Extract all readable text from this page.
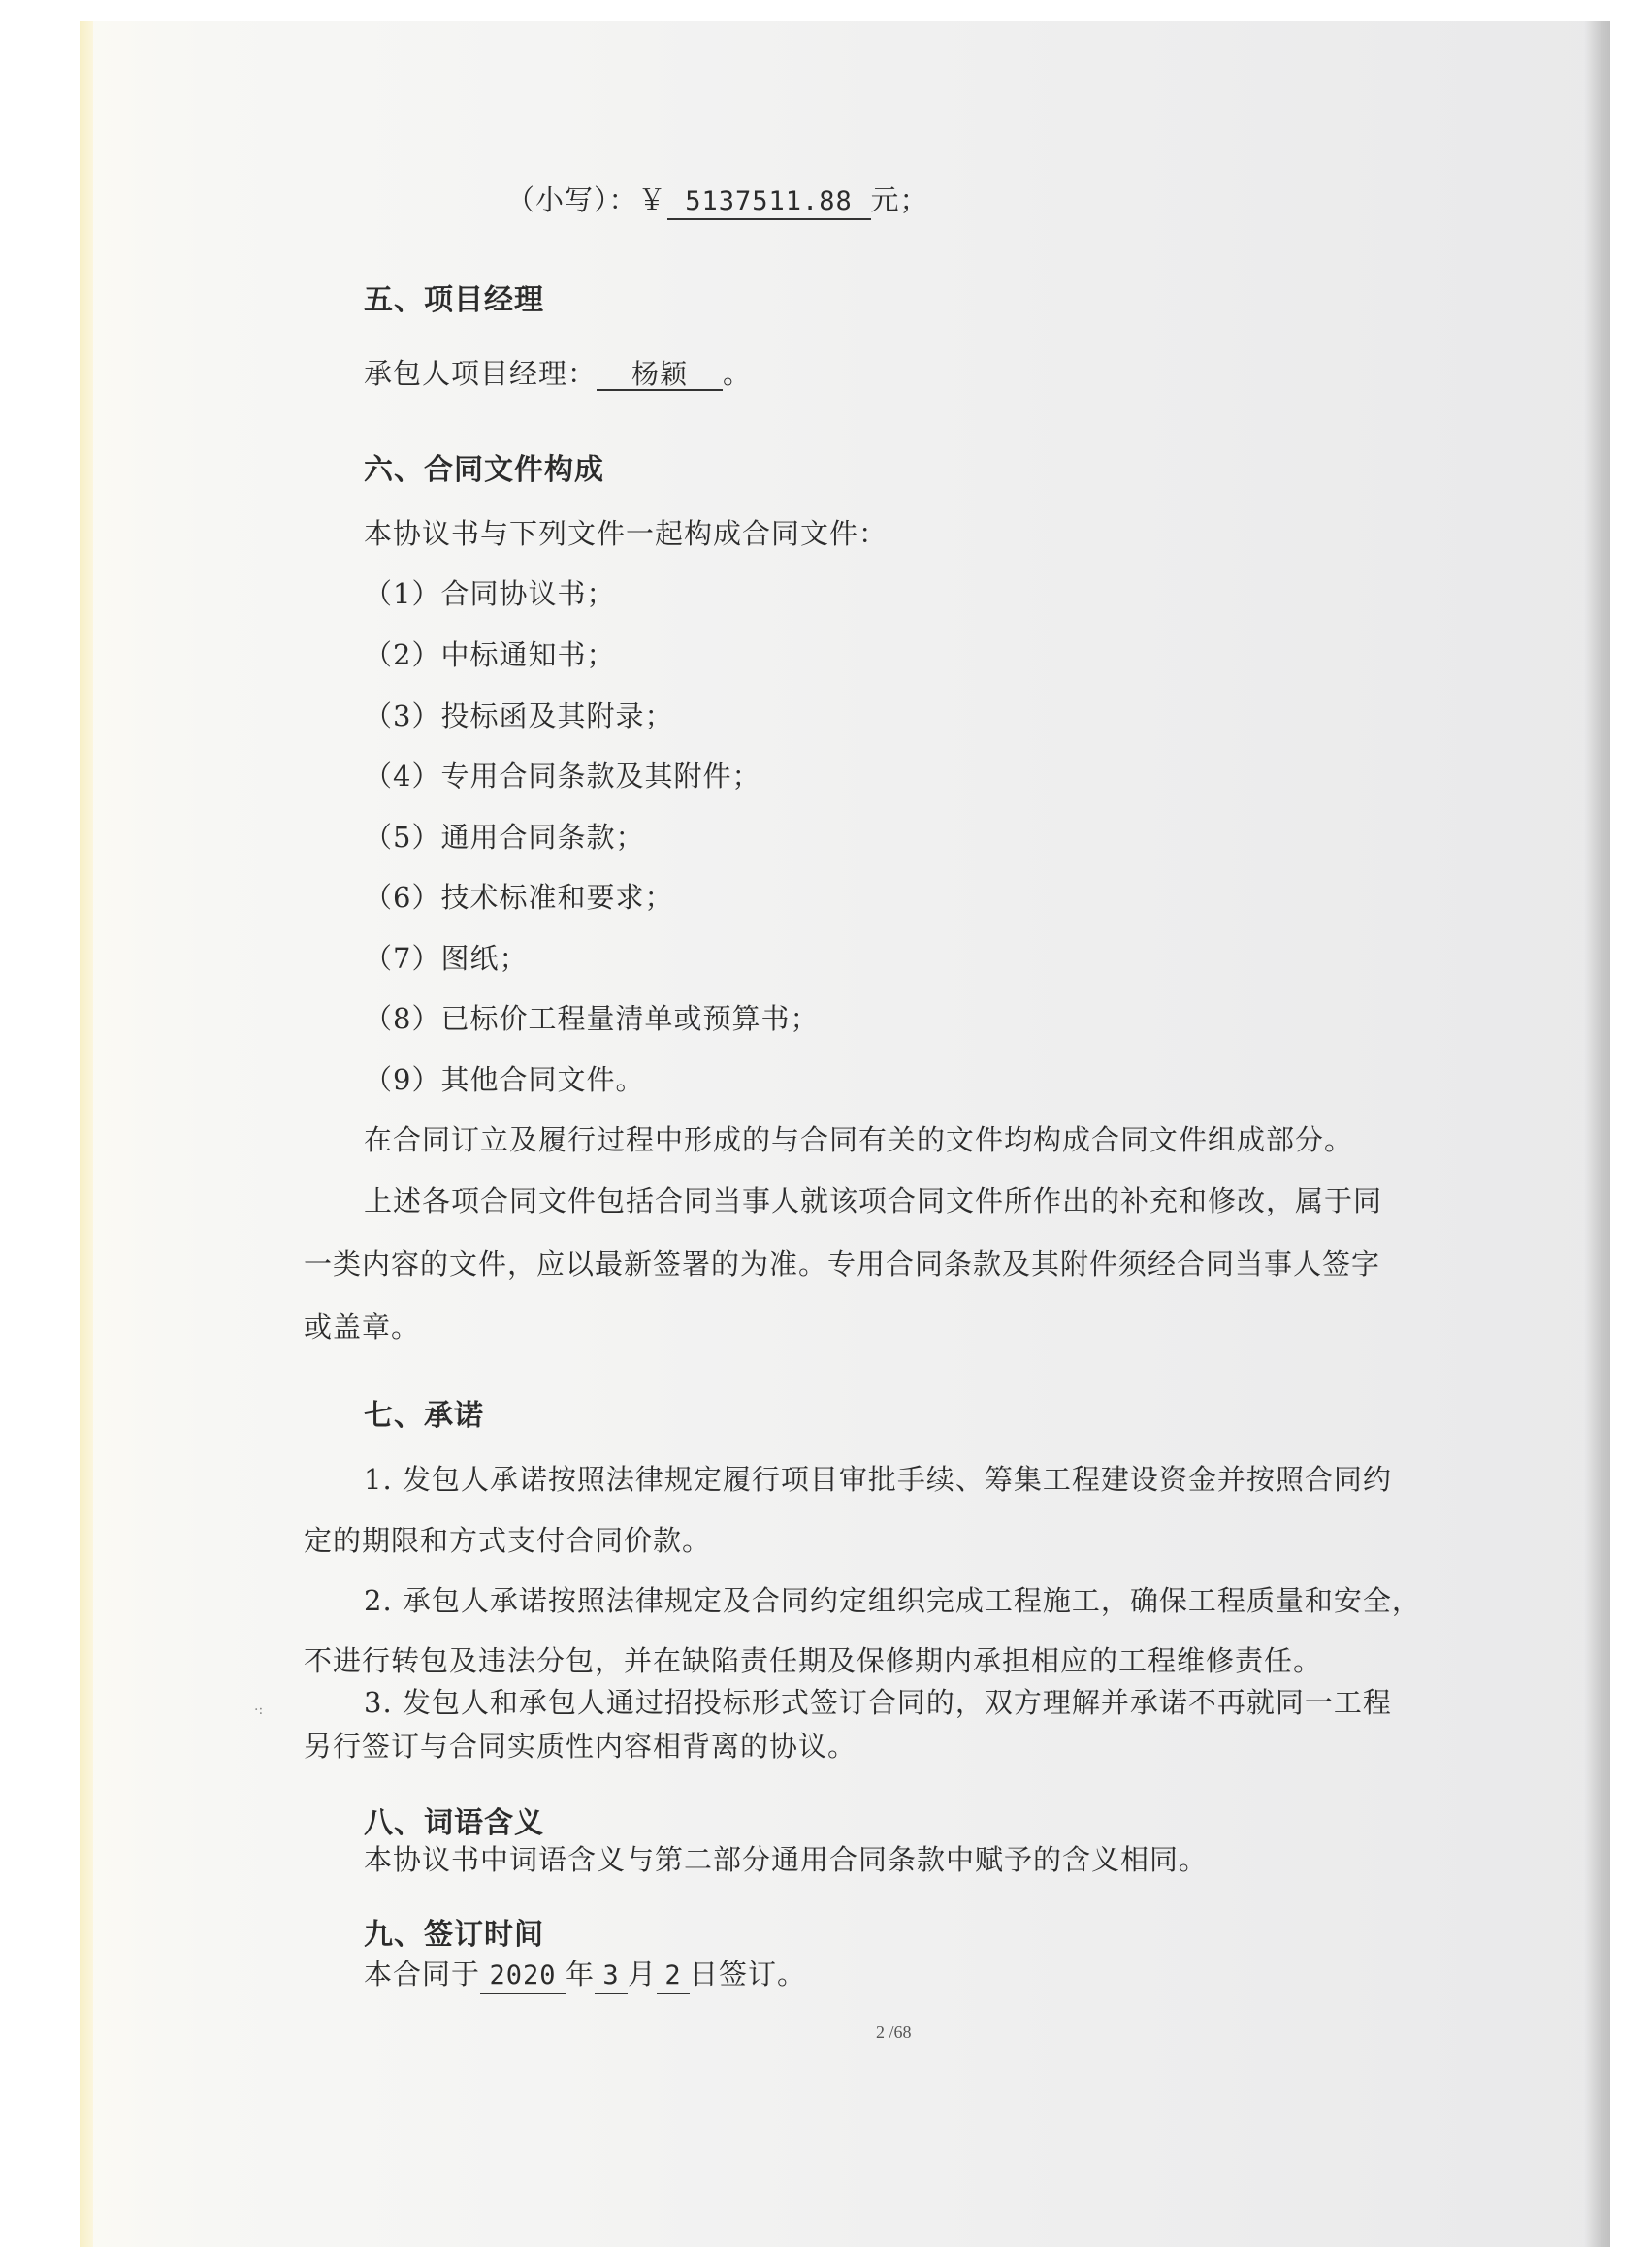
（小写）：￥ 5137511.88 元；
五、项目经理
承包人项目经理： 杨颖 。
六、合同文件构成
本协议书与下列文件一起构成合同文件：
（1）合同协议书；
（2）中标通知书；
（3）投标函及其附录；
（4）专用合同条款及其附件；
（5）通用合同条款；
（6）技术标准和要求；
（7）图纸；
（8）已标价工程量清单或预算书；
（9）其他合同文件。
在合同订立及履行过程中形成的与合同有关的文件均构成合同文件组成部分。
上述各项合同文件包括合同当事人就该项合同文件所作出的补充和修改，属于同
一类内容的文件，应以最新签署的为准。专用合同条款及其附件须经合同当事人签字
或盖章。
七、承诺
1. 发包人承诺按照法律规定履行项目审批手续、筹集工程建设资金并按照合同约
定的期限和方式支付合同价款。
2. 承包人承诺按照法律规定及合同约定组织完成工程施工，确保工程质量和安全，
不进行转包及违法分包，并在缺陷责任期及保修期内承担相应的工程维修责任。
3. 发包人和承包人通过招投标形式签订合同的，双方理解并承诺不再就同一工程
另行签订与合同实质性内容相背离的协议。
八、词语含义
本协议书中词语含义与第二部分通用合同条款中赋予的含义相同。
九、签订时间
本合同于 2020 年 3 月 2 日签订。
2 /68
·:
